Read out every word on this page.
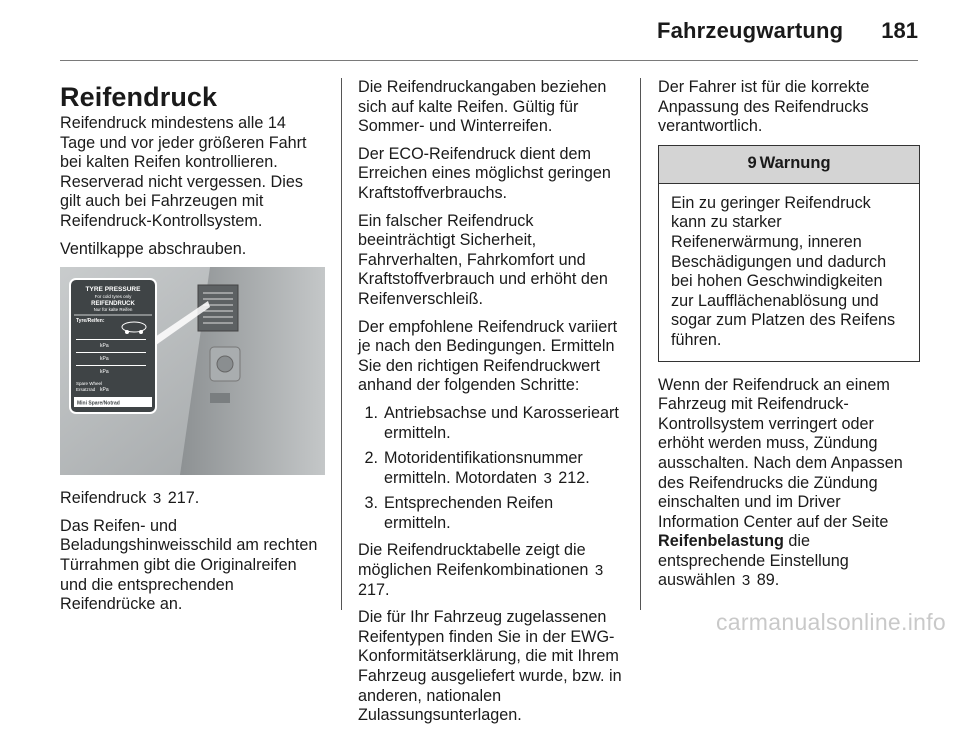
Fahrzeugwartung 181
Reifendruck

Reifendruck mindestens alle 14 Tage und vor jeder größeren Fahrt bei kalten Reifen kontrollieren. Reserverad nicht vergessen. Dies gilt auch bei Fahrzeugen mit Reifendruck-Kontrollsystem.

Ventilkappe abschrauben.

TYRE PRESSURE
For cold tyres only
REIFENDRUCK
Nur für kalte Reifen
Tyre/Reifen:
kPa
kPa
kPa
Spare Wheel
Ersatzrad kPa
Mini Spare/Notrad

Reifendruck 3 217.

Das Reifen- und Beladungshinweisschild am rechten Türrahmen gibt die Originalreifen und die entsprechenden Reifendrücke an.

Die Reifendruckangaben beziehen sich auf kalte Reifen. Gültig für Sommer- und Winterreifen.

Der ECO-Reifendruck dient dem Erreichen eines möglichst geringen Kraftstoffverbrauchs.

Ein falscher Reifendruck beeinträchtigt Sicherheit, Fahrverhalten, Fahrkomfort und Kraftstoffverbrauch und erhöht den Reifenverschleiß.

Der empfohlene Reifendruck variiert je nach den Bedingungen. Ermitteln Sie den richtigen Reifendruckwert anhand der folgenden Schritte:

1. Antriebsachse und Karosserieart ermitteln.
2. Motoridentifikationsnummer ermitteln. Motordaten 3 212.
3. Entsprechenden Reifen ermitteln.

Die Reifendrucktabelle zeigt die möglichen Reifenkombinationen 3 217.

Die für Ihr Fahrzeug zugelassenen Reifentypen finden Sie in der EWG-Konformitätserklärung, die mit Ihrem Fahrzeug ausgeliefert wurde, bzw. in anderen, nationalen Zulassungsunterlagen.

Der Fahrer ist für die korrekte Anpassung des Reifendrucks verantwortlich.

9 Warnung
Ein zu geringer Reifendruck kann zu starker Reifenerwärmung, inneren Beschädigungen und dadurch bei hohen Geschwindigkeiten zur Laufflächenablösung und sogar zum Platzen des Reifens führen.

Wenn der Reifendruck an einem Fahrzeug mit Reifendruck-Kontrollsystem verringert oder erhöht werden muss, Zündung ausschalten. Nach dem Anpassen des Reifendrucks die Zündung einschalten und im Driver Information Center auf der Seite Reifenbelastung die entsprechende Einstellung auswählen 3 89.

carmanualsonline.info
